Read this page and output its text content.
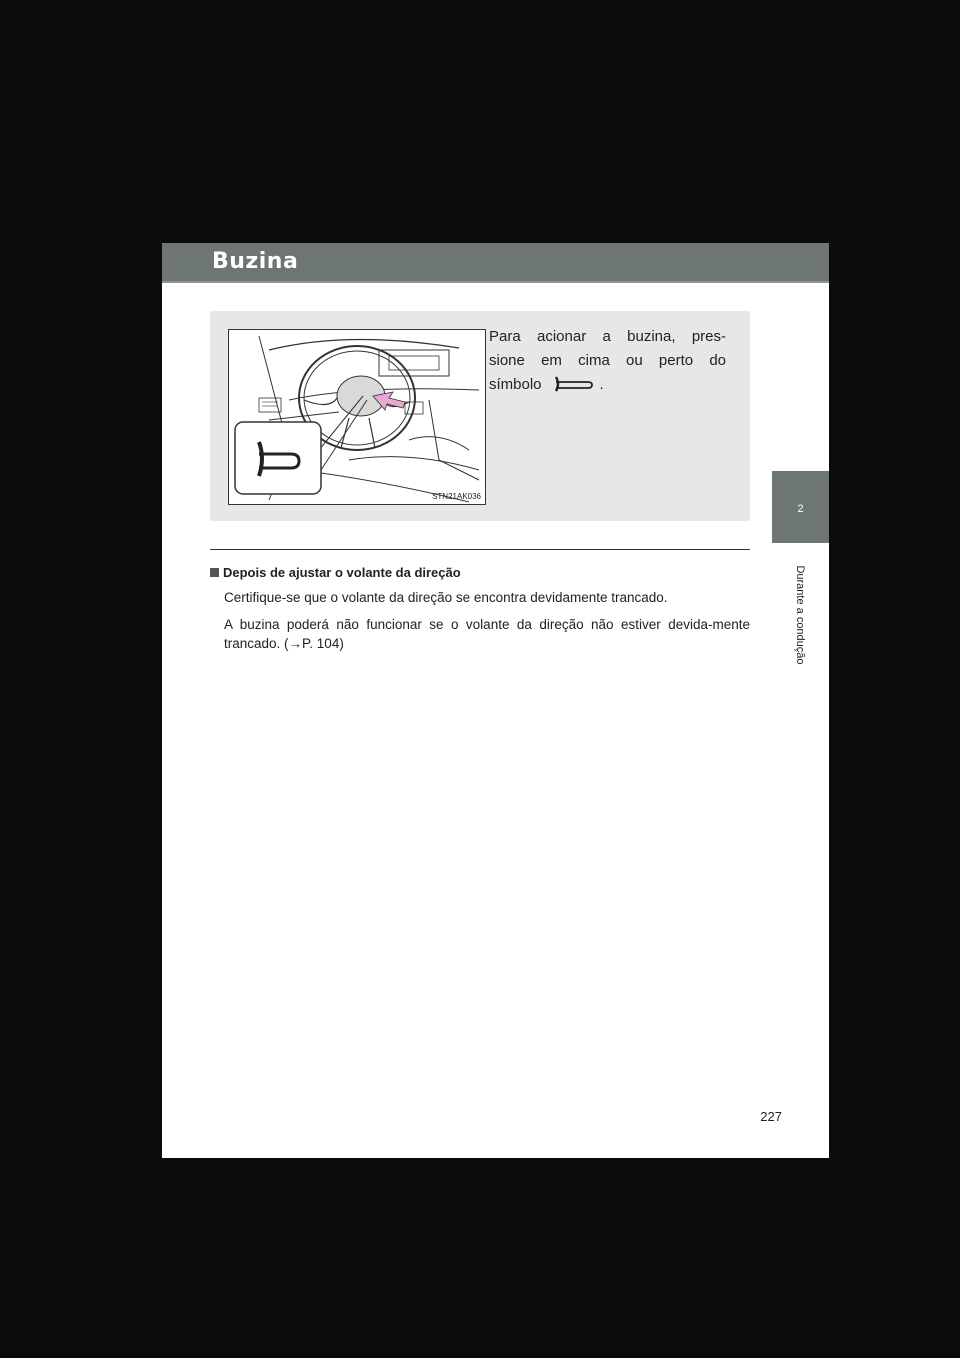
Buzina
2
Durante a condução
STN21AK036
Para acionar a buzina, pres-
sione em cima ou perto do
símbolo	.
Depois de ajustar o volante da direção

Certifique-se que o volante da direção se encontra devidamente trancado.

A buzina poderá não funcionar se o volante da direção não estiver devida-mente trancado. (→P. 104)

227
